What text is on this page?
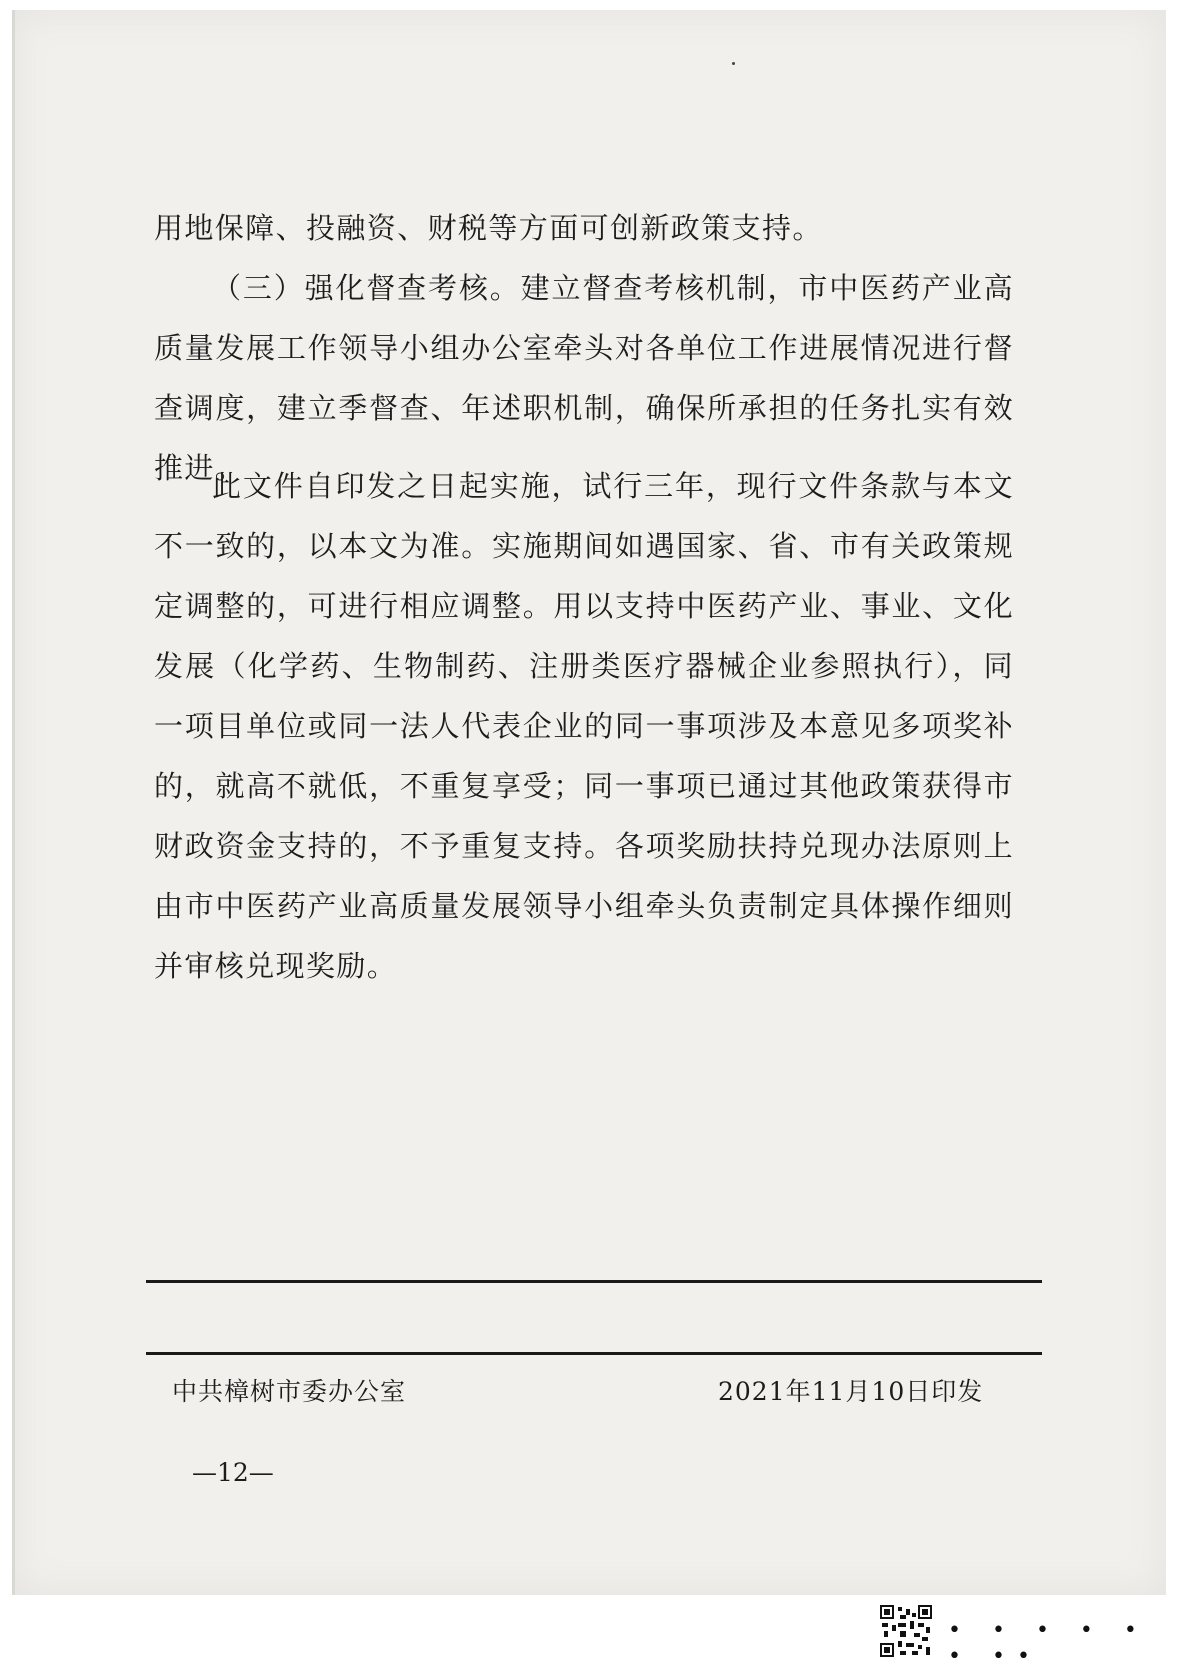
用地保障、投融资、财税等方面可创新政策支持。

（三）强化督查考核。建立督查考核机制，市中医药产业高质量发展工作领导小组办公室牵头对各单位工作进展情况进行督查调度，建立季督查、年述职机制，确保所承担的任务扎实有效推进。

此文件自印发之日起实施，试行三年，现行文件条款与本文不一致的，以本文为准。实施期间如遇国家、省、市有关政策规定调整的，可进行相应调整。用以支持中医药产业、事业、文化发展（化学药、生物制药、注册类医疗器械企业参照执行），同一项目单位或同一法人代表企业的同一事项涉及本意见多项奖补的，就高不就低，不重复享受；同一事项已通过其他政策获得市财政资金支持的，不予重复支持。各项奖励扶持兑现办法原则上由市中医药产业高质量发展领导小组牵头负责制定具体操作细则并审核兑现奖励。

中共樟树市委办公室	2021年11月10日印发
—12—
• • • • • • ••
